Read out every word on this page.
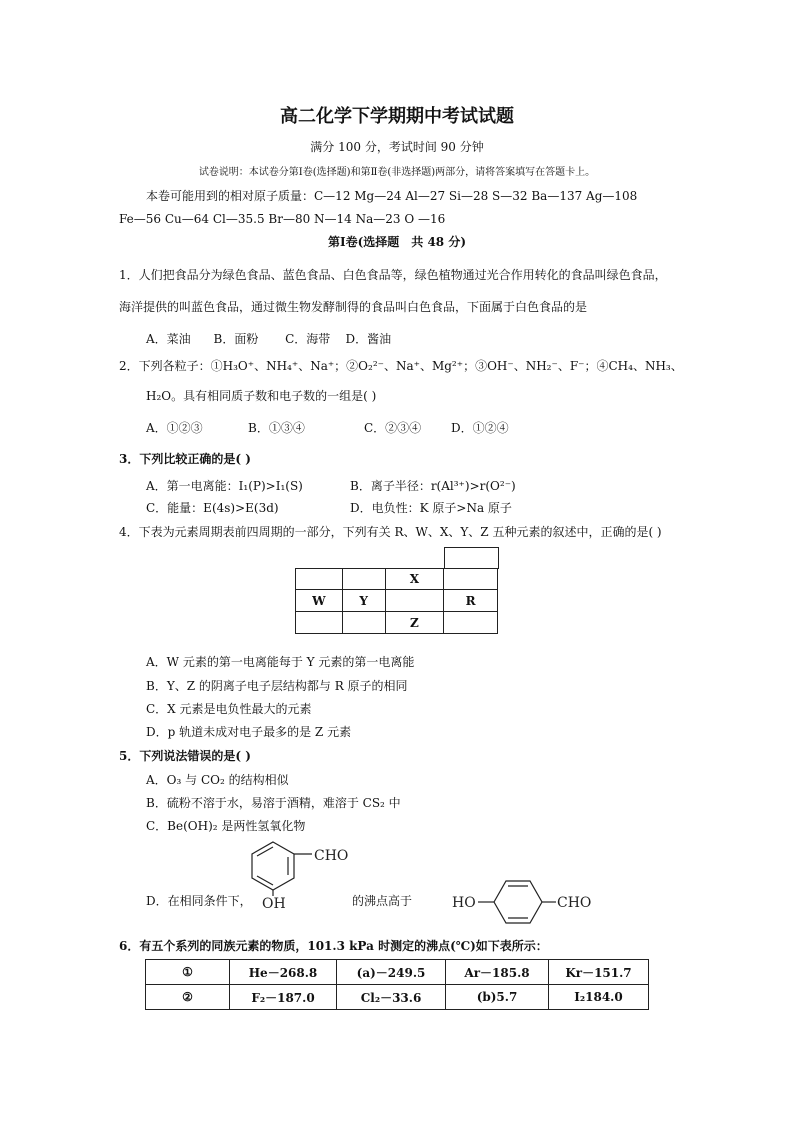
高二化学下学期期中考试试题
满分 100 分，考试时间 90 分钟
试卷说明：本试卷分第Ⅰ卷(选择题)和第Ⅱ卷(非选择题)两部分，请将答案填写在答题卡上。
本卷可能用到的相对原子质量：C—12 Mg—24 Al—27 Si—28 S—32 Ba—137 Ag—108
Fe—56 Cu—64 Cl—35.5 Br—80 N—14 Na—23 O —16
第Ⅰ卷(选择题　共 48 分)
1．人们把食品分为绿色食品、蓝色食品、白色食品等，绿色植物通过光合作用转化的食品叫绿色食品，
海洋提供的叫蓝色食品，通过微生物发酵制得的食品叫白色食品，下面属于白色食品的是
A．菜油      B．面粉       C．海带    D．酱油
2．下列各粒子：①H₃O⁺、NH₄⁺、Na⁺；②O₂²⁻、Na⁺、Mg²⁺；③OH⁻、NH₂⁻、F⁻；④CH₄、NH₃、
H₂O。具有相同质子数和电子数的一组是( )
A．①②③	B．①③④	C．②③④ D．①②④
3．下列比较正确的是( )
A．第一电离能：I₁(P)>I₁(S)	B．离子半径：r(Al³⁺)>r(O²⁻)
C．能量：E(4s)>E(3d)	D．电负性：K 原子>Na 原子
4．下表为元素周期表前四周期的一部分，下列有关 R、W、X、Y、Z 五种元素的叙述中，正确的是( )
		X	
W	Y		R
		Z	
A．W 元素的第一电离能每于 Y 元素的第一电离能
B．Y、Z 的阴离子电子层结构都与 R 原子的相同
C．X 元素是电负性最大的元素
D．p 轨道未成对电子最多的是 Z 元素
5．下列说法错误的是( )
A．O₃ 与 CO₂ 的结构相似
B．硫粉不溶于水，易溶于酒精，难溶于 CS₂ 中
C．Be(OH)₂ 是两性氢氧化物
CHO
OH
D．在相同条件下，	的沸点高于	HO	CHO
6．有五个系列的同族元素的物质，101.3 kPa 时测定的沸点(℃)如下表所示：
①	He－268.8	(a)－249.5	Ar－185.8	Kr－151.7
②	F₂－187.0	Cl₂－33.6	(b)5.7	I₂184.0
